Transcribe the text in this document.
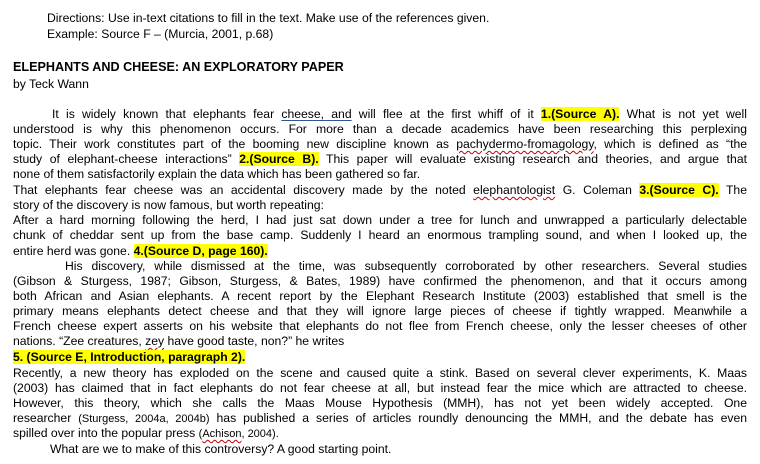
Directions: Use in-text citations to fill in the text. Make use of the references given.
Example: Source F – (Murcia, 2001, p.68)
ELEPHANTS AND CHEESE: AN EXPLORATORY PAPER
by Teck Wann
It is widely known that elephants fear cheese, and will flee at the first whiff of it 1.(Source A). What is not yet well
understood is why this phenomenon occurs. For more than a decade academics have been researching this perplexing
topic. Their work constitutes part of the booming new discipline known as pachydermo-fromagology, which is defined as “the
study of elephant-cheese interactions” 2.(Source B). This paper will evaluate existing research and theories, and argue that
none of them satisfactorily explain the data which has been gathered so far.
That elephants fear cheese was an accidental discovery made by the noted elephantologist G. Coleman 3.(Source C). The
story of the discovery is now famous, but worth repeating:
After a hard morning following the herd, I had just sat down under a tree for lunch and unwrapped a particularly delectable
chunk of cheddar sent up from the base camp. Suddenly I heard an enormous trampling sound, and when I looked up, the
entire herd was gone. 4.(Source D, page 160).
His discovery, while dismissed at the time, was subsequently corroborated by other researchers. Several studies
(Gibson & Sturgess, 1987; Gibson, Sturgess, & Bates, 1989) have confirmed the phenomenon, and that it occurs among
both African and Asian elephants. A recent report by the Elephant Research Institute (2003) established that smell is the
primary means elephants detect cheese and that they will ignore large pieces of cheese if tightly wrapped. Meanwhile a
French cheese expert asserts on his website that elephants do not flee from French cheese, only the lesser cheeses of other
nations. “Zee creatures, zey have good taste, non?” he writes
5. (Source E, Introduction, paragraph 2).
Recently, a new theory has exploded on the scene and caused quite a stink. Based on several clever experiments, K. Maas
(2003) has claimed that in fact elephants do not fear cheese at all, but instead fear the mice which are attracted to cheese.
However, this theory, which she calls the Maas Mouse Hypothesis (MMH), has not yet been widely accepted. One
researcher (Sturgess, 2004a, 2004b) has published a series of articles roundly denouncing the MMH, and the debate has even
spilled over into the popular press (Achison, 2004).
What are we to make of this controversy? A good starting point.
